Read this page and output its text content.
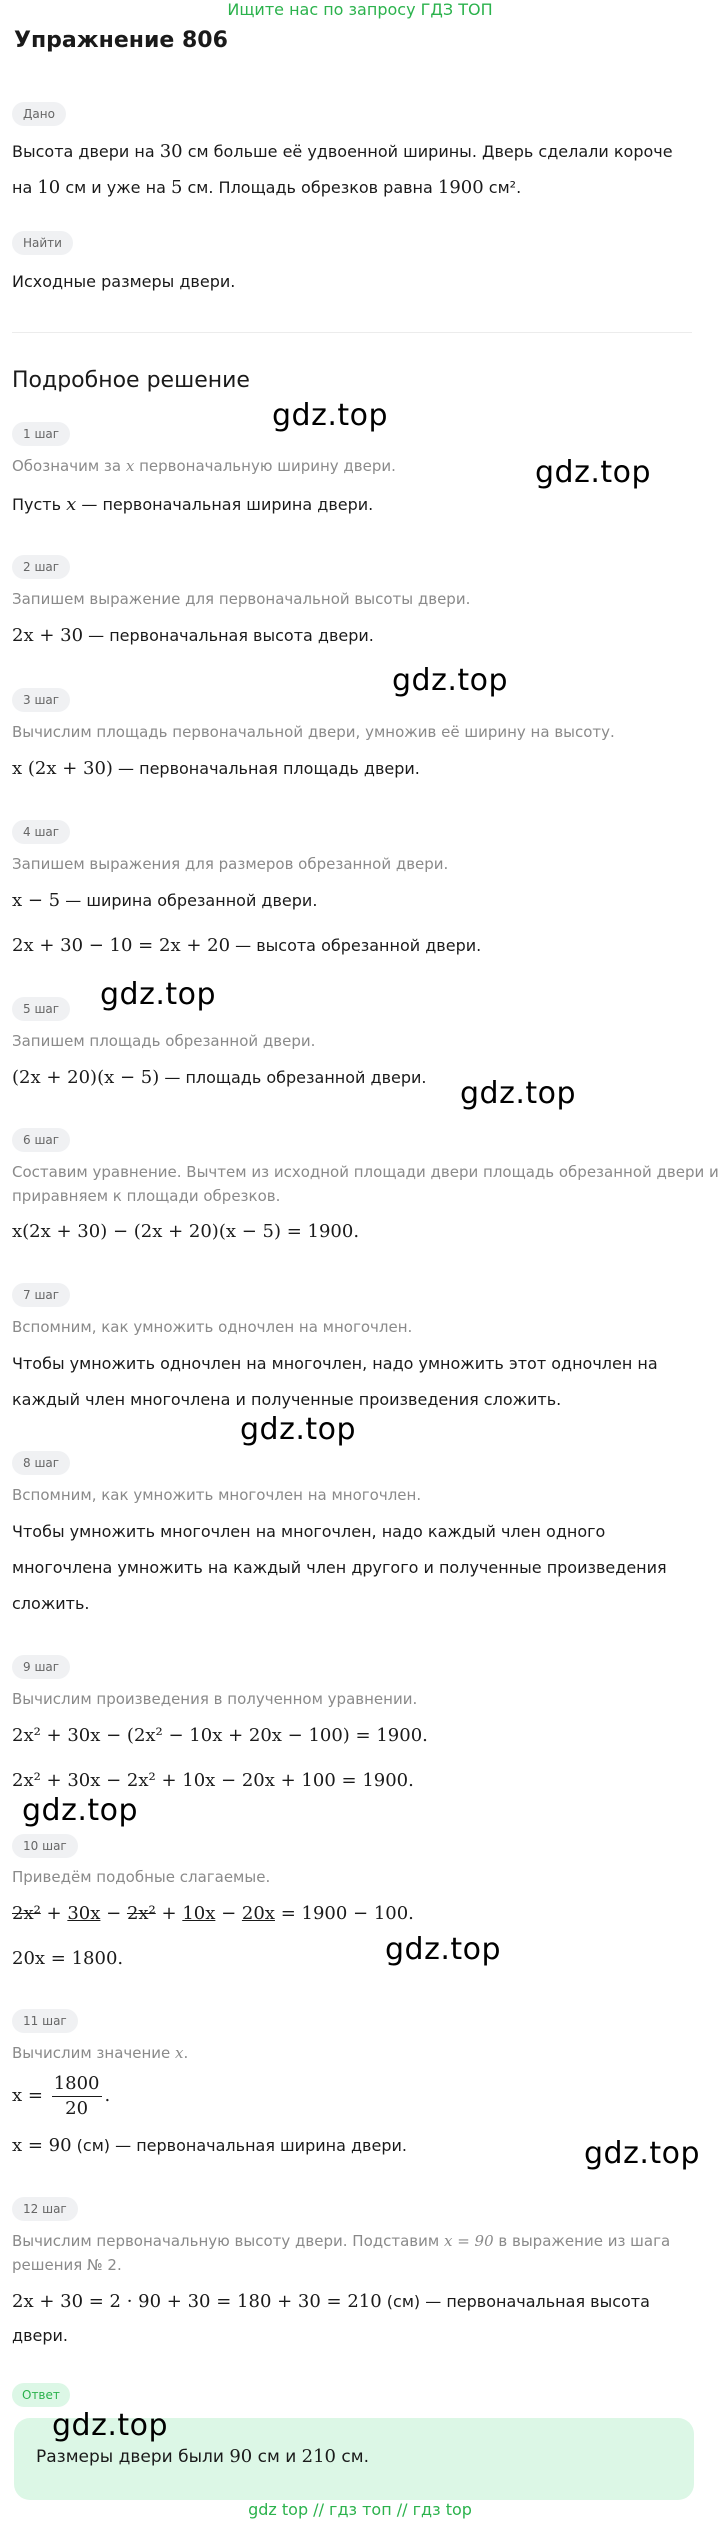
Ищите нас по запросу ГДЗ ТОП
Упражнение 806
Дано
Высота двери на 30 см больше её удвоенной ширины. Дверь сделали короче
на 10 см и уже на 5 см. Площадь обрезков равна 1900 см².
Найти
Исходные размеры двери.
Подробное решение
1 шаг
Обозначим за x первоначальную ширину двери.
Пусть x — первоначальная ширина двери.
2 шаг
Запишем выражение для первоначальной высоты двери.
2x + 30 — первоначальная высота двери.
3 шаг
Вычислим площадь первоначальной двери, умножив её ширину на высоту.
x (2x + 30) — первоначальная площадь двери.
4 шаг
Запишем выражения для размеров обрезанной двери.
x − 5 — ширина обрезанной двери.
2x + 30 − 10 = 2x + 20 — высота обрезанной двери.
5 шаг
Запишем площадь обрезанной двери.
(2x + 20)(x − 5) — площадь обрезанной двери.
6 шаг
Составим уравнение. Вычтем из исходной площади двери площадь обрезанной двери и
приравняем к площади обрезков.
x(2x + 30) − (2x + 20)(x − 5) = 1900.
7 шаг
Вспомним, как умножить одночлен на многочлен.
Чтобы умножить одночлен на многочлен, надо умножить этот одночлен на
каждый член многочлена и полученные произведения сложить.
8 шаг
Вспомним, как умножить многочлен на многочлен.
Чтобы умножить многочлен на многочлен, надо каждый член одного
многочлена умножить на каждый член другого и полученные произведения
сложить.
9 шаг
Вычислим произведения в полученном уравнении.
2x² + 30x − (2x² − 10x + 20x − 100) = 1900.
2x² + 30x − 2x² + 10x − 20x + 100 = 1900.
10 шаг
Приведём подобные слагаемые.
2x² + 30x − 2x² + 10x − 20x = 1900 − 100.
20x = 1800.
11 шаг
Вычислим значение x.
$x = \frac{1800}{20}$ .
x = 90 (см) — первоначальная ширина двери.
12 шаг
Вычислим первоначальную высоту двери. Подставим x = 90 в выражение из шага
решения № 2.
2x + 30 = 2 · 90 + 30 = 180 + 30 = 210 (см) — первоначальная высота
двери.
Ответ
Размеры двери были 90 см и 210 см.
gdz.top
gdz.top
gdz.top
gdz.top
gdz.top
gdz.top
gdz.top
gdz.top
gdz.top
gdz.top
gdz top // гдз топ // гдз top
